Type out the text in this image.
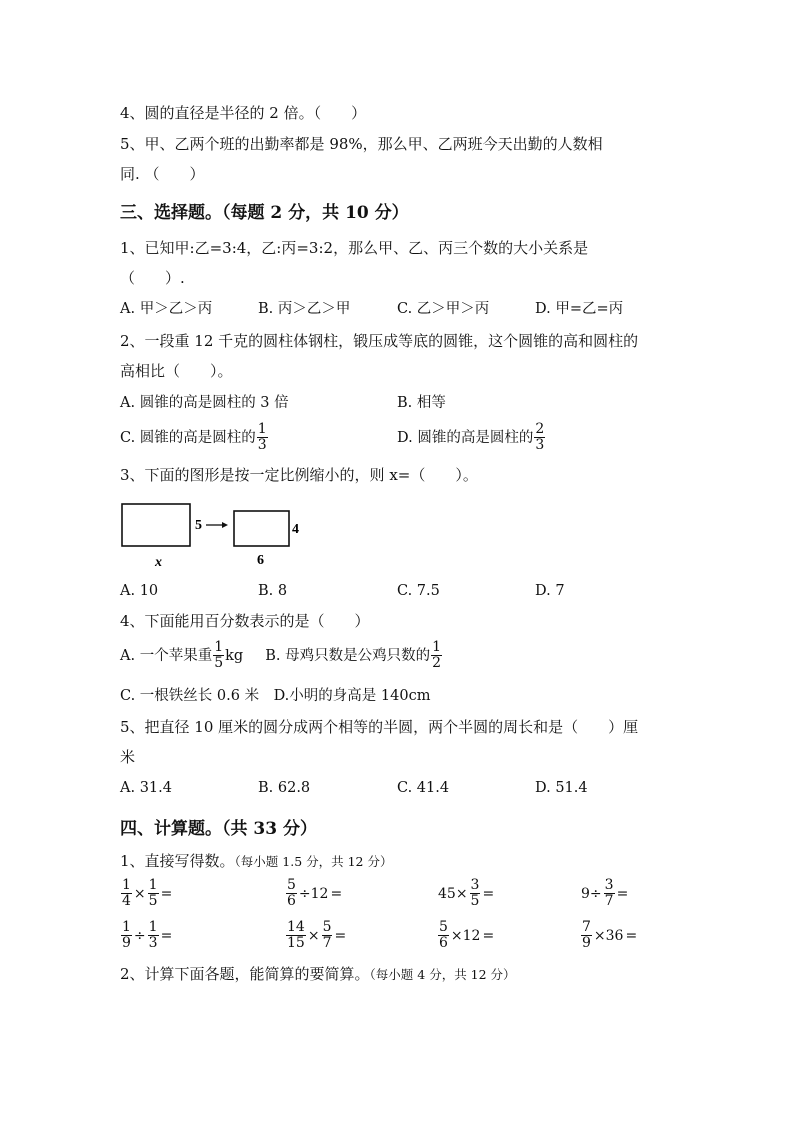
4、圆的直径是半径的 2 倍。（　　）
5、甲、乙两个班的出勤率都是 98%，那么甲、乙两班今天出勤的人数相
同. （　　）
三、选择题。（每题 2 分，共 10 分）
1、已知甲:乙=3:4，乙:丙=3:2，那么甲、乙、丙三个数的大小关系是
（　　）.
A. 甲＞乙＞丙	B. 丙＞乙＞甲	C. 乙＞甲＞丙	D. 甲=乙=丙
2、一段重 12 千克的圆柱体钢柱，锻压成等底的圆锥，这个圆锥的高和圆柱的
高相比（　　）。
A. 圆锥的高是圆柱的 3 倍	B. 相等
C. 圆锥的高是圆柱的 $\frac{1}{3}$	D. 圆锥的高是圆柱的 $\frac{2}{3}$
3、下面的图形是按一定比例缩小的，则 x=（　　）。
5	4
x	6
A. 10	B. 8	C. 7.5	D. 7
4、下面能用百分数表示的是（　　）
A. 一个苹果重 $\frac{1}{5}$ kg B. 母鸡只数是公鸡只数的 $\frac{1}{2}$
C. 一根铁丝长 0.6 米　D.小明的身高是 140cm
5、把直径 10 厘米的圆分成两个相等的半圆，两个半圆的周长和是（　　）厘
米
A. 31.4	B. 62.8	C. 41.4	D. 51.4
四、计算题。（共 33 分）
1、直接写得数。（每小题 1.5 分，共 12 分）
$\frac{1}{4} \times \frac{1}{5}$ =	$\frac{5}{6} \div 12$ =	$45\times \frac{3}{5}$ =	$9\div \frac{3}{7}$ =
$\frac{1}{9} \div \frac{1}{3}$ =	$\frac{14}{15} \times \frac{5}{7}$ =	$\frac{5}{6} \times 12$ =	$\frac{7}{9} \times 36$ =
2、计算下面各题，能简算的要简算。（每小题 4 分，共 12 分）
